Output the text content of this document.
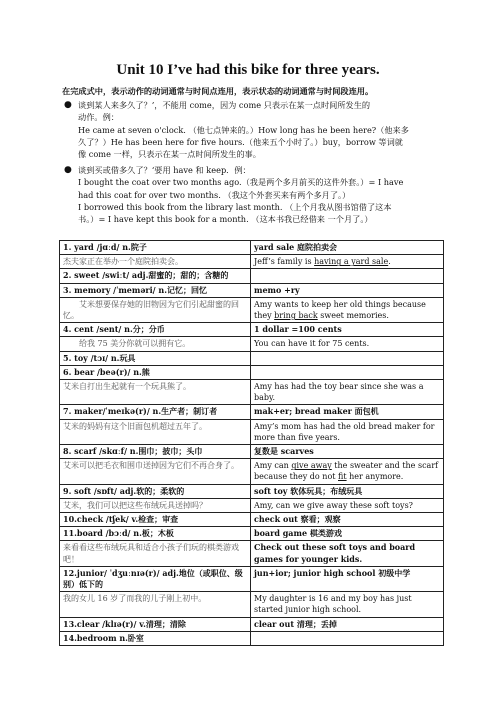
Unit 10 I’ve had this bike for three years.
在完成式中，表示动作的动词通常与时间点连用，表示状态的动词通常与时间段连用。
● 谈到某人来多久了？’，不能用 come，因为 come 只表示在某一点时间所发生的
动作。例：
He came at seven o'clock. （他七点钟来的。）How long has he been here?（他来多
久了？）He has been here for five hours.（他来五个小时了。）buy，borrow 等词就
像 come 一样，只表示在某一点时间所发生的事。
● 谈到买或借多久了？‘要用 have 和 keep．例：
I bought the coat over two months ago.（我是两个多月前买的这件外套。）= I have
had this coat for over two months. （我这个外套买来有两个多月了。）
I borrowed this book from the library last month. （上个月我从图书馆借了这本
书。）= I have kept this book for a month. （这本书我已经借来 一个月了。）
1. yard /jɑːd/ n.院子	yard sale 庭院拍卖会
杰夫家正在举办一个庭院拍卖会。	Jeff’s family is having a yard sale.
2. sweet /swiːt/ adj.甜蜜的；甜的；含糖的	
3. memory /ˈmeməri/ n.记忆；回忆	memo +ry
艾米想要保存她的旧物因为它们引起甜蜜的回忆。	Amy wants to keep her old things because they bring back sweet memories.
4. cent /sent/ n.分；分币	1 dollar =100 cents
给我 75 美分你就可以拥有它。	You can have it for 75 cents.
5. toy /tɔɪ/ n.玩具	
6. bear /beə(r)/ n.熊	
艾米自打出生起就有一个玩具熊了。	Amy has had the toy bear since she was a baby.
7. maker/ˈmeɪkə(r)/ n.生产者；制订者	mak+er; bread maker 面包机
艾米的妈妈有这个旧面包机超过五年了。	Amy’s mom has had the old bread maker for more than five years.
8. scarf /skɑːf/ n.围巾；披巾；头巾	复数是 scarves
艾米可以把毛衣和围巾送掉因为它们不再合身了。	Amy can give away the sweater and the scarf because they do not fit her anymore.
9. soft /sɒft/ adj.软的；柔软的	soft toy 软体玩具；布绒玩具
艾米，我们可以把这些布绒玩具送掉吗？	Amy, can we give away these soft toys?
10.check /tʃek/ v.检查；审查	check out 察看；观察
11.board /bɔːd/ n.板；木板	board game 棋类游戏
来看看这些布绒玩具和适合小孩子们玩的棋类游戏吧！	Check out these soft toys and board games for younger kids.
12.junior/ ˈdʒuːnɪə(r)/ adj.地位（或职位、级别）低下的	jun+ior; junior high school 初级中学
我的女儿 16 岁了而我的儿子刚上初中。	My daughter is 16 and my boy has just started junior high school.
13.clear /klɪə(r)/ v.清理；清除	clear out 清理；丢掉
14.bedroom n.卧室	
